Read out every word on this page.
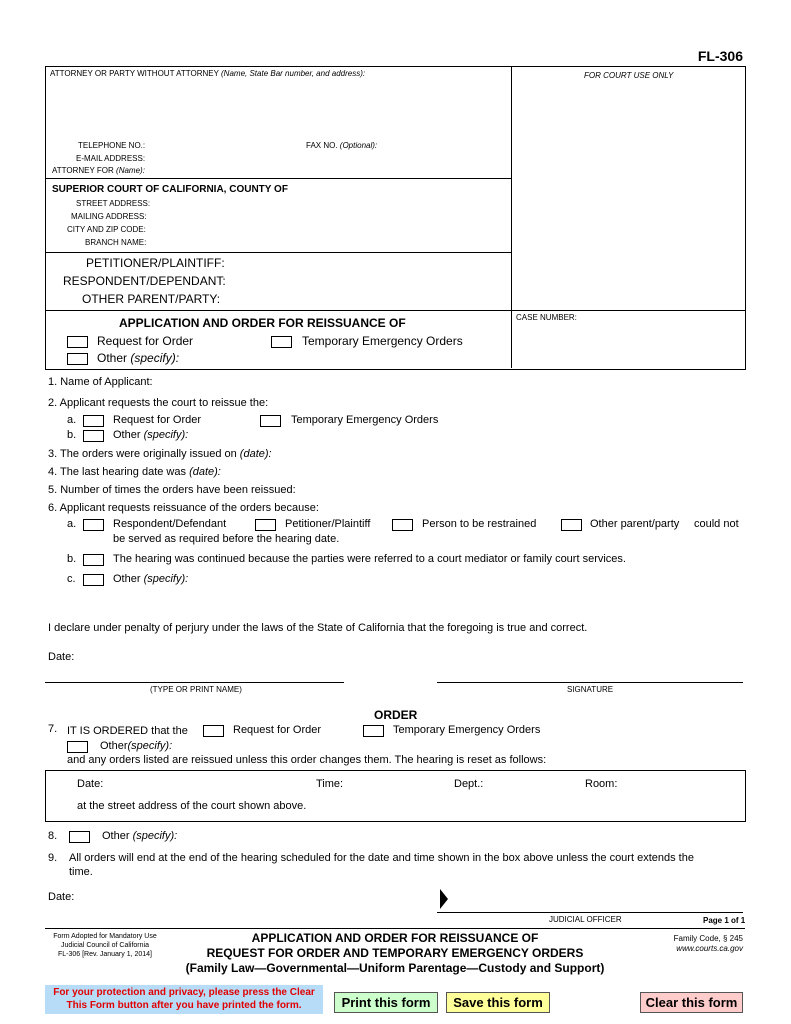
FL-306
ATTORNEY OR PARTY WITHOUT ATTORNEY (Name, State Bar number, and address):	FOR COURT USE ONLY
TELEPHONE NO.:	FAX NO. (Optional):
E-MAIL ADDRESS:
ATTORNEY FOR (Name):
SUPERIOR COURT OF CALIFORNIA, COUNTY OF
STREET ADDRESS:
MAILING ADDRESS:
CITY AND ZIP CODE:
BRANCH NAME:
PETITIONER/PLAINTIFF:
RESPONDENT/DEPENDANT:
OTHER PARENT/PARTY:
APPLICATION AND ORDER FOR REISSUANCE OF
Request for Order	Temporary Emergency Orders
Other (specify):
CASE NUMBER:
1. Name of Applicant:
2. Applicant requests the court to reissue the:
a.	Request for Order	Temporary Emergency Orders
b.	Other (specify):
3. The orders were originally issued on (date):
4. The last hearing date was (date):
5. Number of times the orders have been reissued:
6. Applicant requests reissuance of the orders because:
a.	Respondent/Defendant	Petitioner/Plaintiff	Person to be restrained	Other parent/party could not
be served as required before the hearing date.
b.	The hearing was continued because the parties were referred to a court mediator or family court services.
c.	Other (specify):
I declare under penalty of perjury under the laws of the State of California that the foregoing is true and correct.
Date:
(TYPE OR PRINT NAME)	SIGNATURE
ORDER
7. IT IS ORDERED that the	Request for Order	Temporary Emergency Orders
Other(specify):
and any orders listed are reissued unless this order changes them. The hearing is reset as follows:
Date:	Time:	Dept.:	Room:
at the street address of the court shown above.
8.	Other (specify):
9. All orders will end at the end of the hearing scheduled for the date and time shown in the box above unless the court extends the
time.
Date:
JUDICIAL OFFICER	Page 1 of 1
Form Adopted for Mandatory Use
Judicial Council of California
FL-306 [Rev. January 1, 2014]
APPLICATION AND ORDER FOR REISSUANCE OF
REQUEST FOR ORDER AND TEMPORARY EMERGENCY ORDERS
(Family Law—Governmental—Uniform Parentage—Custody and Support)
Family Code, § 245
www.courts.ca.gov
For your protection and privacy, please press the Clear
This Form button after you have printed the form.	Print this form	Save this form	Clear this form
